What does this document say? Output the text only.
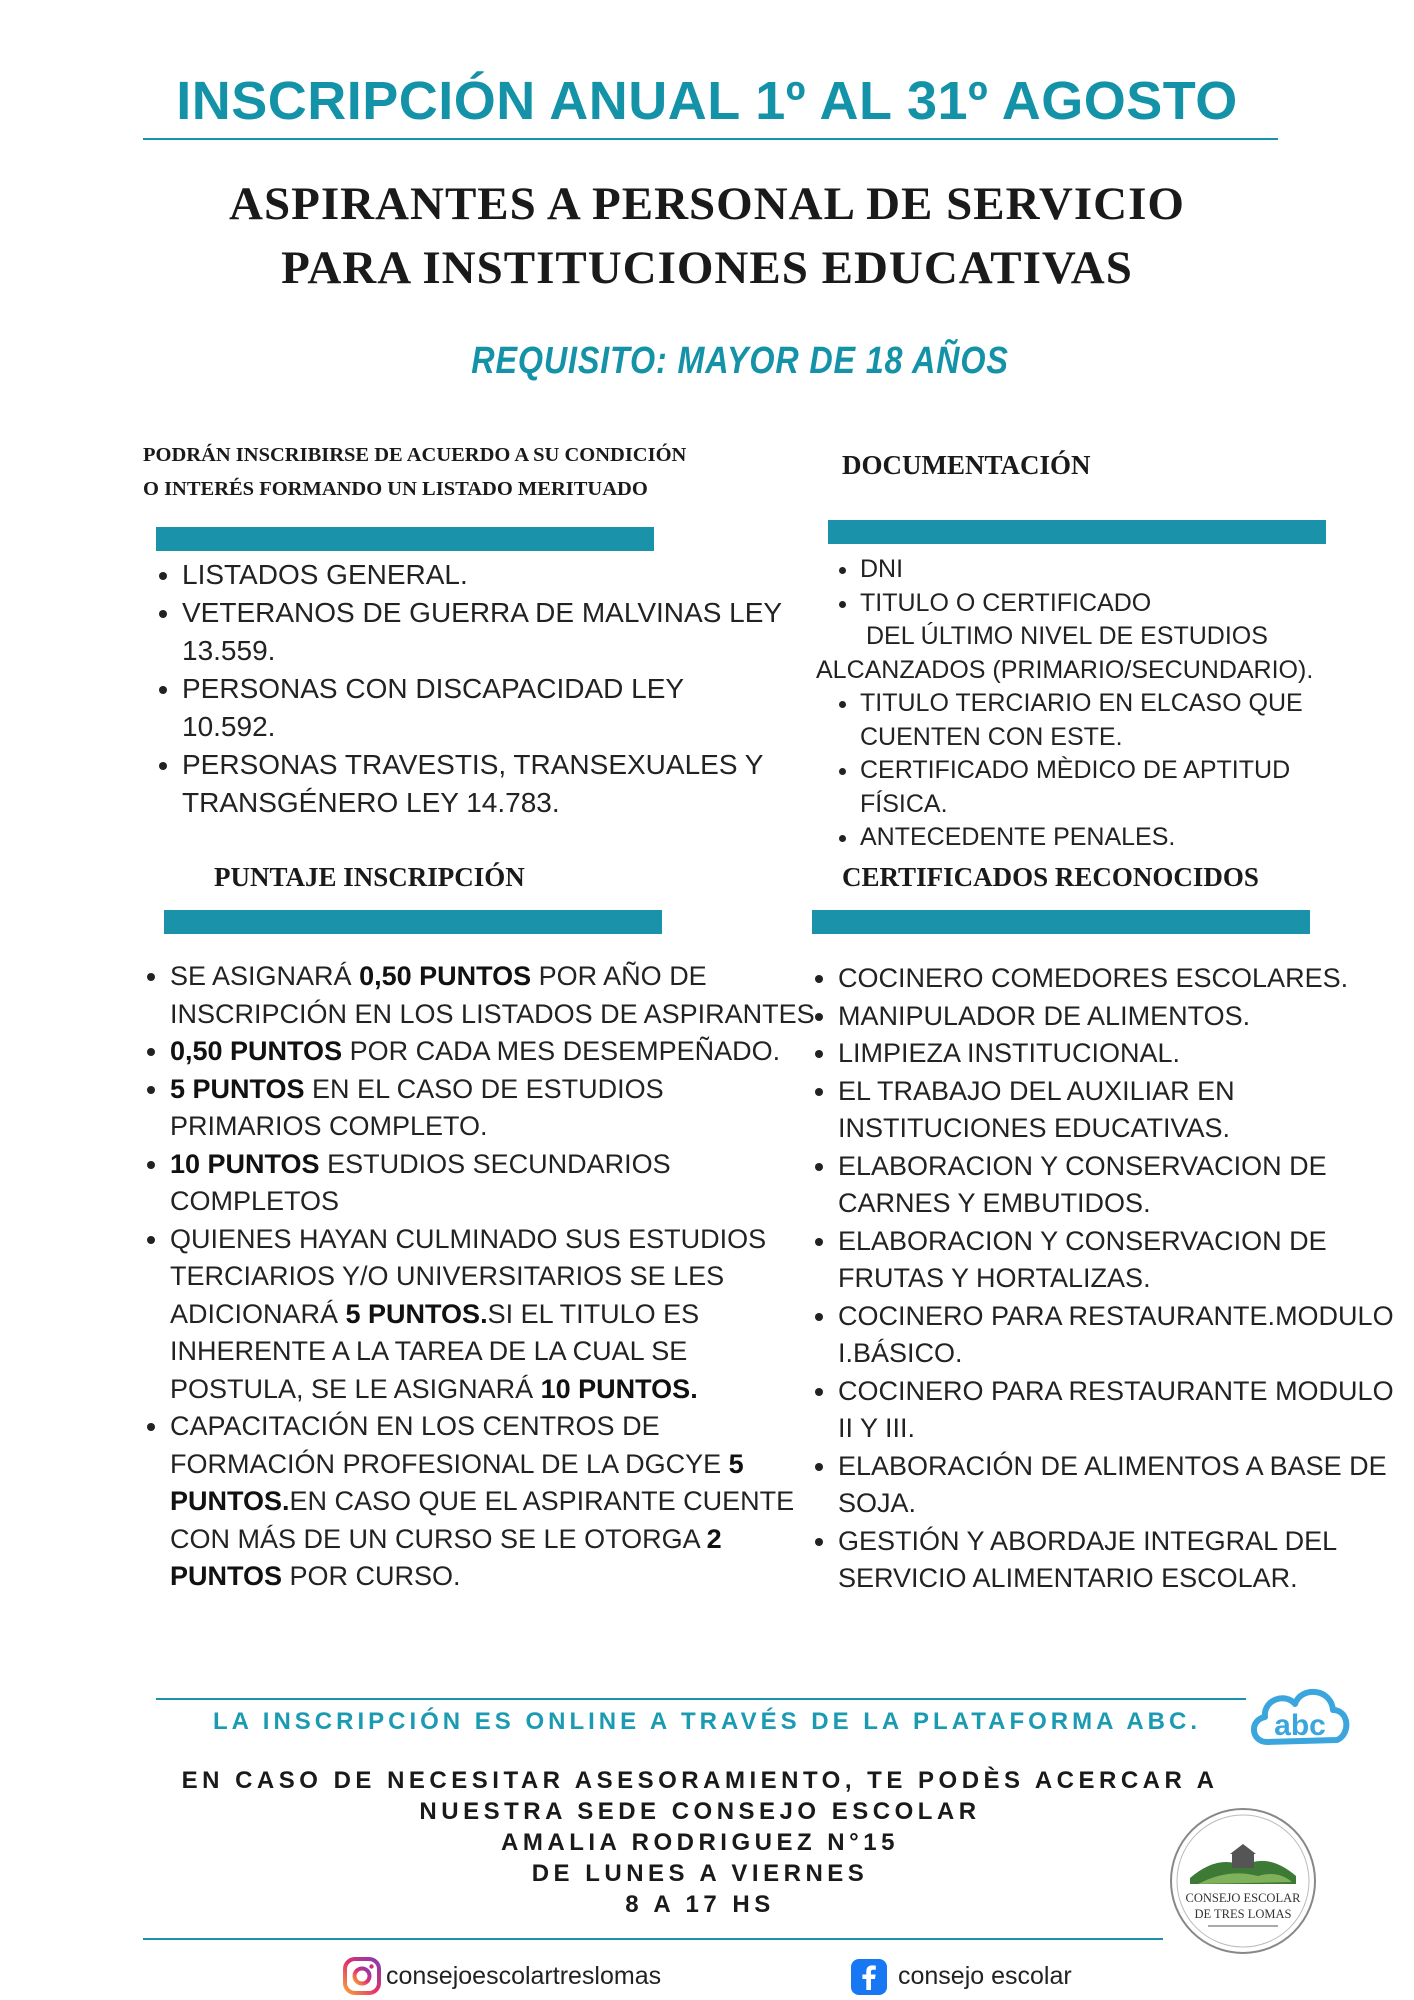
INSCRIPCIÓN ANUAL 1º AL 31º AGOSTO
ASPIRANTES A PERSONAL DE SERVICIO
PARA INSTITUCIONES EDUCATIVAS
REQUISITO: MAYOR DE 18 AÑOS
PODRÁN INSCRIBIRSE DE ACUERDO A SU CONDICIÓN
O INTERÉS FORMANDO UN LISTADO MERITUADO
• LISTADOS GENERAL.
• VETERANOS DE GUERRA DE MALVINAS LEY 13.559.
• PERSONAS CON DISCAPACIDAD LEY 10.592.
• PERSONAS TRAVESTIS, TRANSEXUALES Y TRANSGÉNERO LEY 14.783.
DOCUMENTACIÓN
• DNI
• TITULO O CERTIFICADO
DEL ÚLTIMO NIVEL DE ESTUDIOS
ALCANZADOS (PRIMARIO/SECUNDARIO).
• TITULO TERCIARIO EN ELCASO QUE CUENTEN CON ESTE.
• CERTIFICADO MÈDICO DE APTITUD FÍSICA.
• ANTECEDENTE PENALES.
PUNTAJE INSCRIPCIÓN
• SE ASIGNARÁ 0,50 PUNTOS POR AÑO DE INSCRIPCIÓN EN LOS LISTADOS DE ASPIRANTES
• 0,50 PUNTOS POR CADA MES DESEMPEÑADO.
• 5 PUNTOS EN EL CASO DE ESTUDIOS PRIMARIOS COMPLETO.
• 10 PUNTOS ESTUDIOS SECUNDARIOS COMPLETOS
• QUIENES HAYAN CULMINADO SUS ESTUDIOS TERCIARIOS Y/O UNIVERSITARIOS SE LES ADICIONARÁ 5 PUNTOS.SI EL TITULO ES INHERENTE A LA TAREA DE LA CUAL SE POSTULA, SE LE ASIGNARÁ 10 PUNTOS.
• CAPACITACIÓN EN LOS CENTROS DE FORMACIÓN PROFESIONAL DE LA DGCYE 5 PUNTOS.EN CASO QUE EL ASPIRANTE CUENTE CON MÁS DE UN CURSO SE LE OTORGA 2 PUNTOS POR CURSO.
CERTIFICADOS RECONOCIDOS
• COCINERO COMEDORES ESCOLARES.
• MANIPULADOR DE ALIMENTOS.
• LIMPIEZA INSTITUCIONAL.
• EL TRABAJO DEL AUXILIAR EN INSTITUCIONES EDUCATIVAS.
• ELABORACION Y CONSERVACION DE CARNES Y EMBUTIDOS.
• ELABORACION Y CONSERVACION DE FRUTAS Y HORTALIZAS.
• COCINERO PARA RESTAURANTE.MODULO I.BÁSICO.
• COCINERO PARA RESTAURANTE MODULO II Y III.
• ELABORACIÓN DE ALIMENTOS A BASE DE SOJA.
• GESTIÓN Y ABORDAJE INTEGRAL DEL SERVICIO ALIMENTARIO ESCOLAR.
LA INSCRIPCIÓN ES ONLINE A TRAVÉS DE LA PLATAFORMA ABC.	abc
EN CASO DE NECESITAR ASESORAMIENTO, TE PODÈS ACERCAR A
NUESTRA SEDE CONSEJO ESCOLAR
AMALIA RODRIGUEZ N°15
DE LUNES A VIERNES
8 A 17 HS	CONSEJO ESCOLAR
DE TRES LOMAS
consejoescolartreslomas	consejo escolar
